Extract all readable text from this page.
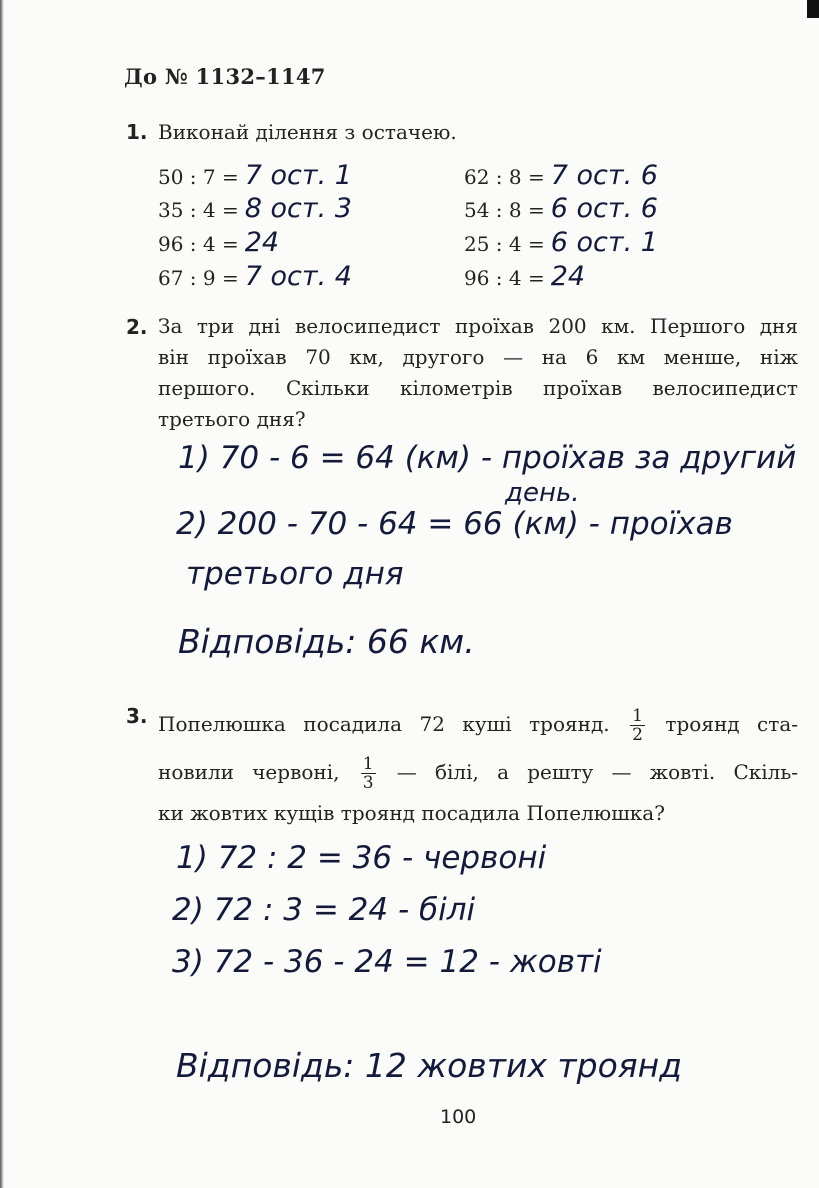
До № 1132–1147
1. Виконай ділення з остачею.
50 : 7 = 7 ост. 1
35 : 4 = 8 ост. 3
96 : 4 = 24
67 : 9 = 7 ост. 4
62 : 8 = 7 ост. 6
54 : 8 = 6 ост. 6
25 : 4 = 6 ост. 1
96 : 4 = 24
2. За три дні велосипедист проїхав 200 км. Першого дня
він проїхав 70 км, другого — на 6 км менше, ніж
першого. Скільки кілометрів проїхав велосипедист
третього дня?
1) 70 - 6 = 64 (км) - проїхав за другий
день.
2) 200 - 70 - 64 = 66 (км) - проїхав
третього дня
Відповідь: 66 км.
3. Попелюшка посадила 72 куші троянд. $\frac{1}{2}$ троянд ста-
новили червоні, $\frac{1}{3}$ — білі, а решту — жовті. Скіль-
ки жовтих кущів троянд посадила Попелюшка?
1) 72 : 2 = 36 - червоні
2) 72 : 3 = 24 - білі
3) 72 - 36 - 24 = 12 - жовті
Відповідь: 12 жовтих троянд
100
